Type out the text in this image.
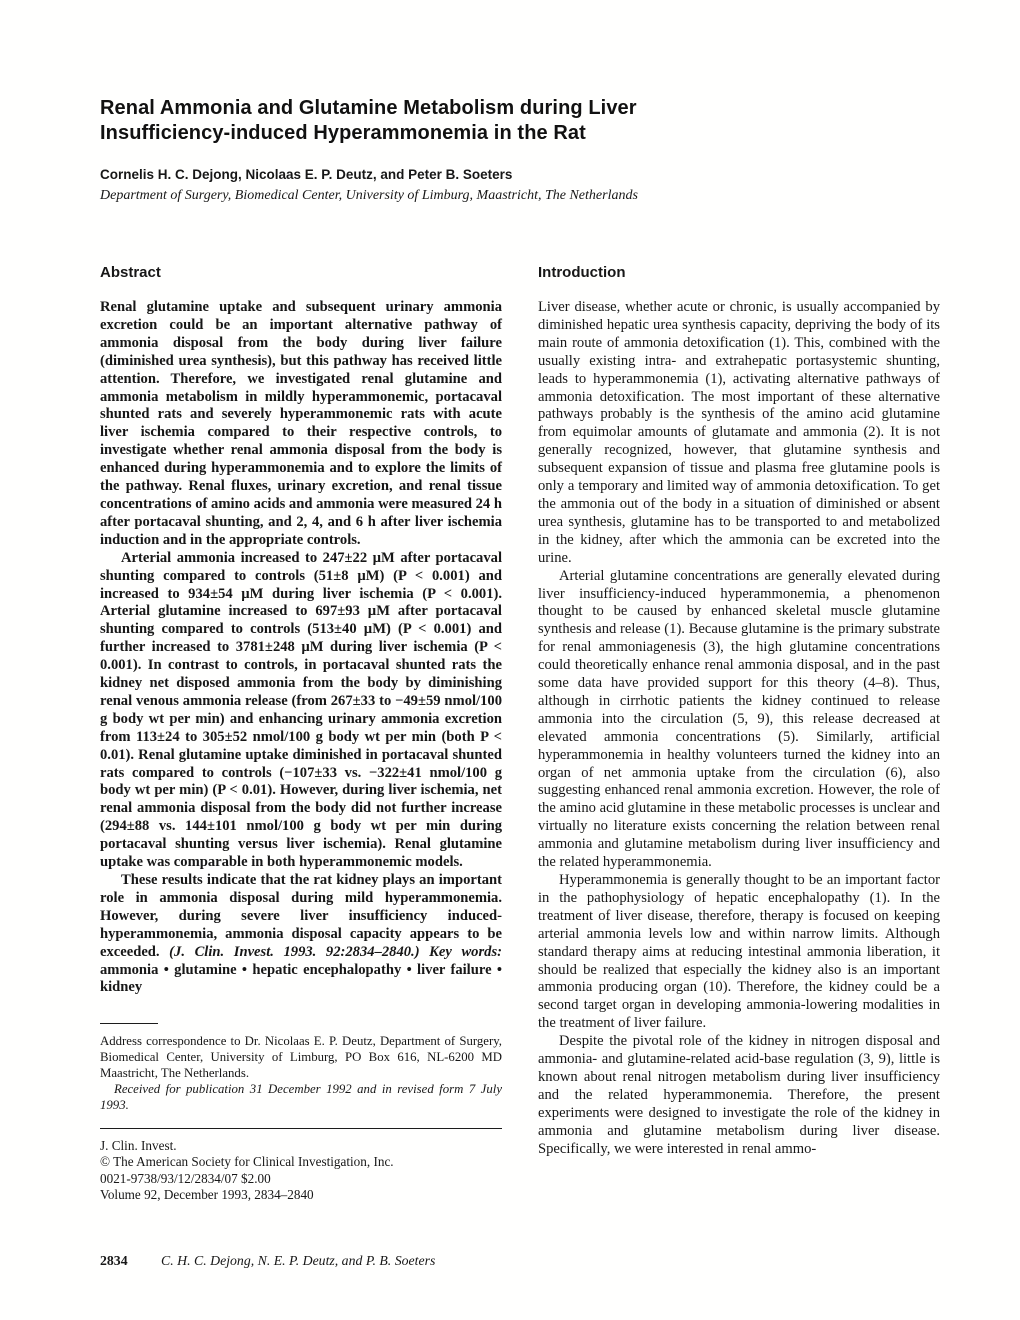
Renal Ammonia and Glutamine Metabolism during Liver Insufficiency-induced Hyperammonemia in the Rat
Cornelis H. C. Dejong, Nicolaas E. P. Deutz, and Peter B. Soeters
Department of Surgery, Biomedical Center, University of Limburg, Maastricht, The Netherlands
Abstract

Renal glutamine uptake and subsequent urinary ammonia excretion could be an important alternative pathway of ammonia disposal from the body during liver failure (diminished urea synthesis), but this pathway has received little attention. Therefore, we investigated renal glutamine and ammonia metabolism in mildly hyperammonemic, portacaval shunted rats and severely hyperammonemic rats with acute liver ischemia compared to their respective controls, to investigate whether renal ammonia disposal from the body is enhanced during hyperammonemia and to explore the limits of the pathway. Renal fluxes, urinary excretion, and renal tissue concentrations of amino acids and ammonia were measured 24 h after portacaval shunting, and 2, 4, and 6 h after liver ischemia induction and in the appropriate controls.

Arterial ammonia increased to 247±22 µM after portacaval shunting compared to controls (51±8 µM) (P < 0.001) and increased to 934±54 µM during liver ischemia (P < 0.001). Arterial glutamine increased to 697±93 µM after portacaval shunting compared to controls (513±40 µM) (P < 0.001) and further increased to 3781±248 µM during liver ischemia (P < 0.001). In contrast to controls, in portacaval shunted rats the kidney net disposed ammonia from the body by diminishing renal venous ammonia release (from 267±33 to −49±59 nmol/100 g body wt per min) and enhancing urinary ammonia excretion from 113±24 to 305±52 nmol/100 g body wt per min (both P < 0.01). Renal glutamine uptake diminished in portacaval shunted rats compared to controls (−107±33 vs. −322±41 nmol/100 g body wt per min) (P < 0.01). However, during liver ischemia, net renal ammonia disposal from the body did not further increase (294±88 vs. 144±101 nmol/100 g body wt per min during portacaval shunting versus liver ischemia). Renal glutamine uptake was comparable in both hyperammonemic models.

These results indicate that the rat kidney plays an important role in ammonia disposal during mild hyperammonemia. However, during severe liver insufficiency induced-hyperammonemia, ammonia disposal capacity appears to be exceeded. (J. Clin. Invest. 1993. 92:2834–2840.) Key words: ammonia • glutamine • hepatic encephalopathy • liver failure • kidney

Address correspondence to Dr. Nicolaas E. P. Deutz, Department of Surgery, Biomedical Center, University of Limburg, PO Box 616, NL-6200 MD Maastricht, The Netherlands.

Received for publication 31 December 1992 and in revised form 7 July 1993.

J. Clin. Invest.

© The American Society for Clinical Investigation, Inc.

0021-9738/93/12/2834/07 $2.00

Volume 92, December 1993, 2834–2840

Introduction

Liver disease, whether acute or chronic, is usually accompanied by diminished hepatic urea synthesis capacity, depriving the body of its main route of ammonia detoxification (1). This, combined with the usually existing intra- and extrahepatic portasystemic shunting, leads to hyperammonemia (1), activating alternative pathways of ammonia detoxification. The most important of these alternative pathways probably is the synthesis of the amino acid glutamine from equimolar amounts of glutamate and ammonia (2). It is not generally recognized, however, that glutamine synthesis and subsequent expansion of tissue and plasma free glutamine pools is only a temporary and limited way of ammonia detoxification. To get the ammonia out of the body in a situation of diminished or absent urea synthesis, glutamine has to be transported to and metabolized in the kidney, after which the ammonia can be excreted into the urine.

Arterial glutamine concentrations are generally elevated during liver insufficiency-induced hyperammonemia, a phenomenon thought to be caused by enhanced skeletal muscle glutamine synthesis and release (1). Because glutamine is the primary substrate for renal ammoniagenesis (3), the high glutamine concentrations could theoretically enhance renal ammonia disposal, and in the past some data have provided support for this theory (4–8). Thus, although in cirrhotic patients the kidney continued to release ammonia into the circulation (5, 9), this release decreased at elevated ammonia concentrations (5). Similarly, artificial hyperammonemia in healthy volunteers turned the kidney into an organ of net ammonia uptake from the circulation (6), also suggesting enhanced renal ammonia excretion. However, the role of the amino acid glutamine in these metabolic processes is unclear and virtually no literature exists concerning the relation between renal ammonia and glutamine metabolism during liver insufficiency and the related hyperammonemia.

Hyperammonemia is generally thought to be an important factor in the pathophysiology of hepatic encephalopathy (1). In the treatment of liver disease, therefore, therapy is focused on keeping arterial ammonia levels low and within narrow limits. Although standard therapy aims at reducing intestinal ammonia liberation, it should be realized that especially the kidney also is an important ammonia producing organ (10). Therefore, the kidney could be a second target organ in developing ammonia-lowering modalities in the treatment of liver failure.

Despite the pivotal role of the kidney in nitrogen disposal and ammonia- and glutamine-related acid-base regulation (3, 9), little is known about renal nitrogen metabolism during liver insufficiency and the related hyperammonemia. Therefore, the present experiments were designed to investigate the role of the kidney in ammonia and glutamine metabolism during liver disease. Specifically, we were interested in renal ammo-

2834 C. H. C. Dejong, N. E. P. Deutz, and P. B. Soeters
